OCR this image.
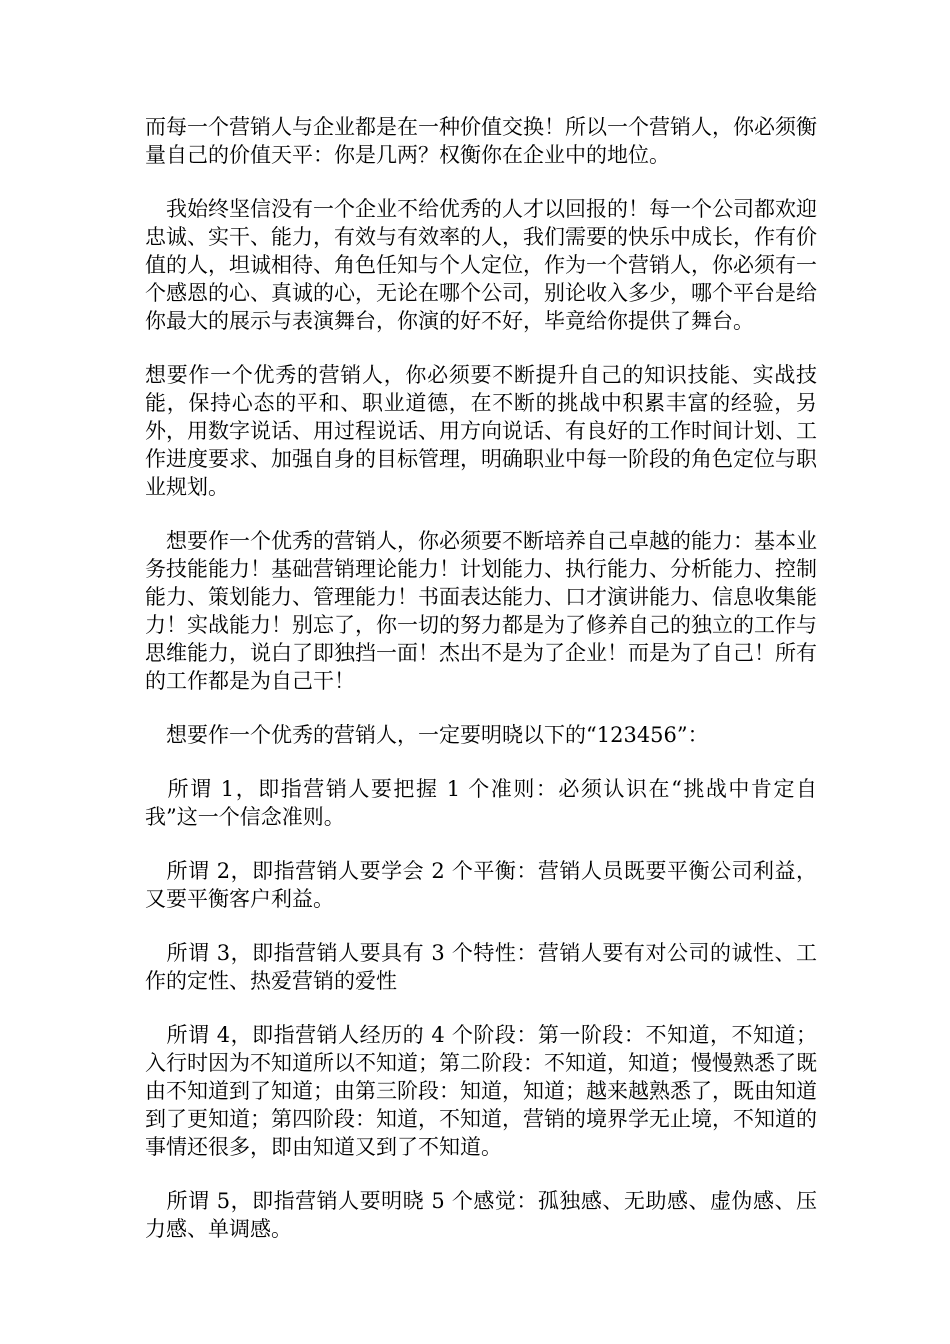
而每一个营销人与企业都是在一种价值交换！所以一个营销人，你必须衡量自己的价值天平：你是几两？权衡你在企业中的地位。

　我始终坚信没有一个企业不给优秀的人才以回报的！每一个公司都欢迎忠诚、实干、能力，有效与有效率的人，我们需要的快乐中成长，作有价值的人，坦诚相待、角色任知与个人定位，作为一个营销人，你必须有一个感恩的心、真诚的心，无论在哪个公司，别论收入多少，哪个平台是给你最大的展示与表演舞台，你演的好不好，毕竟给你提供了舞台。

想要作一个优秀的营销人，你必须要不断提升自己的知识技能、实战技能，保持心态的平和、职业道德，在不断的挑战中积累丰富的经验，另外，用数字说话、用过程说话、用方向说话、有良好的工作时间计划、工作进度要求、加强自身的目标管理，明确职业中每一阶段的角色定位与职业规划。

　想要作一个优秀的营销人，你必须要不断培养自己卓越的能力：基本业务技能能力！基础营销理论能力！计划能力、执行能力、分析能力、控制能力、策划能力、管理能力！书面表达能力、口才演讲能力、信息收集能力！实战能力！别忘了，你一切的努力都是为了修养自己的独立的工作与思维能力，说白了即独挡一面！杰出不是为了企业！而是为了自己！所有的工作都是为自己干！

　想要作一个优秀的营销人，一定要明晓以下的“123456”：

　所谓 1，即指营销人要把握 1 个准则：必须认识在“挑战中肯定自我”这一个信念准则。

　所谓 2，即指营销人要学会 2 个平衡：营销人员既要平衡公司利益，又要平衡客户利益。

　所谓 3，即指营销人要具有 3 个特性：营销人要有对公司的诚性、工作的定性、热爱营销的爱性

　所谓 4，即指营销人经历的 4 个阶段：第一阶段：不知道，不知道；入行时因为不知道所以不知道；第二阶段：不知道，知道；慢慢熟悉了既由不知道到了知道；由第三阶段：知道，知道；越来越熟悉了，既由知道到了更知道；第四阶段：知道，不知道，营销的境界学无止境，不知道的事情还很多，即由知道又到了不知道。

　所谓 5，即指营销人要明晓 5 个感觉：孤独感、无助感、虚伪感、压力感、单调感。
